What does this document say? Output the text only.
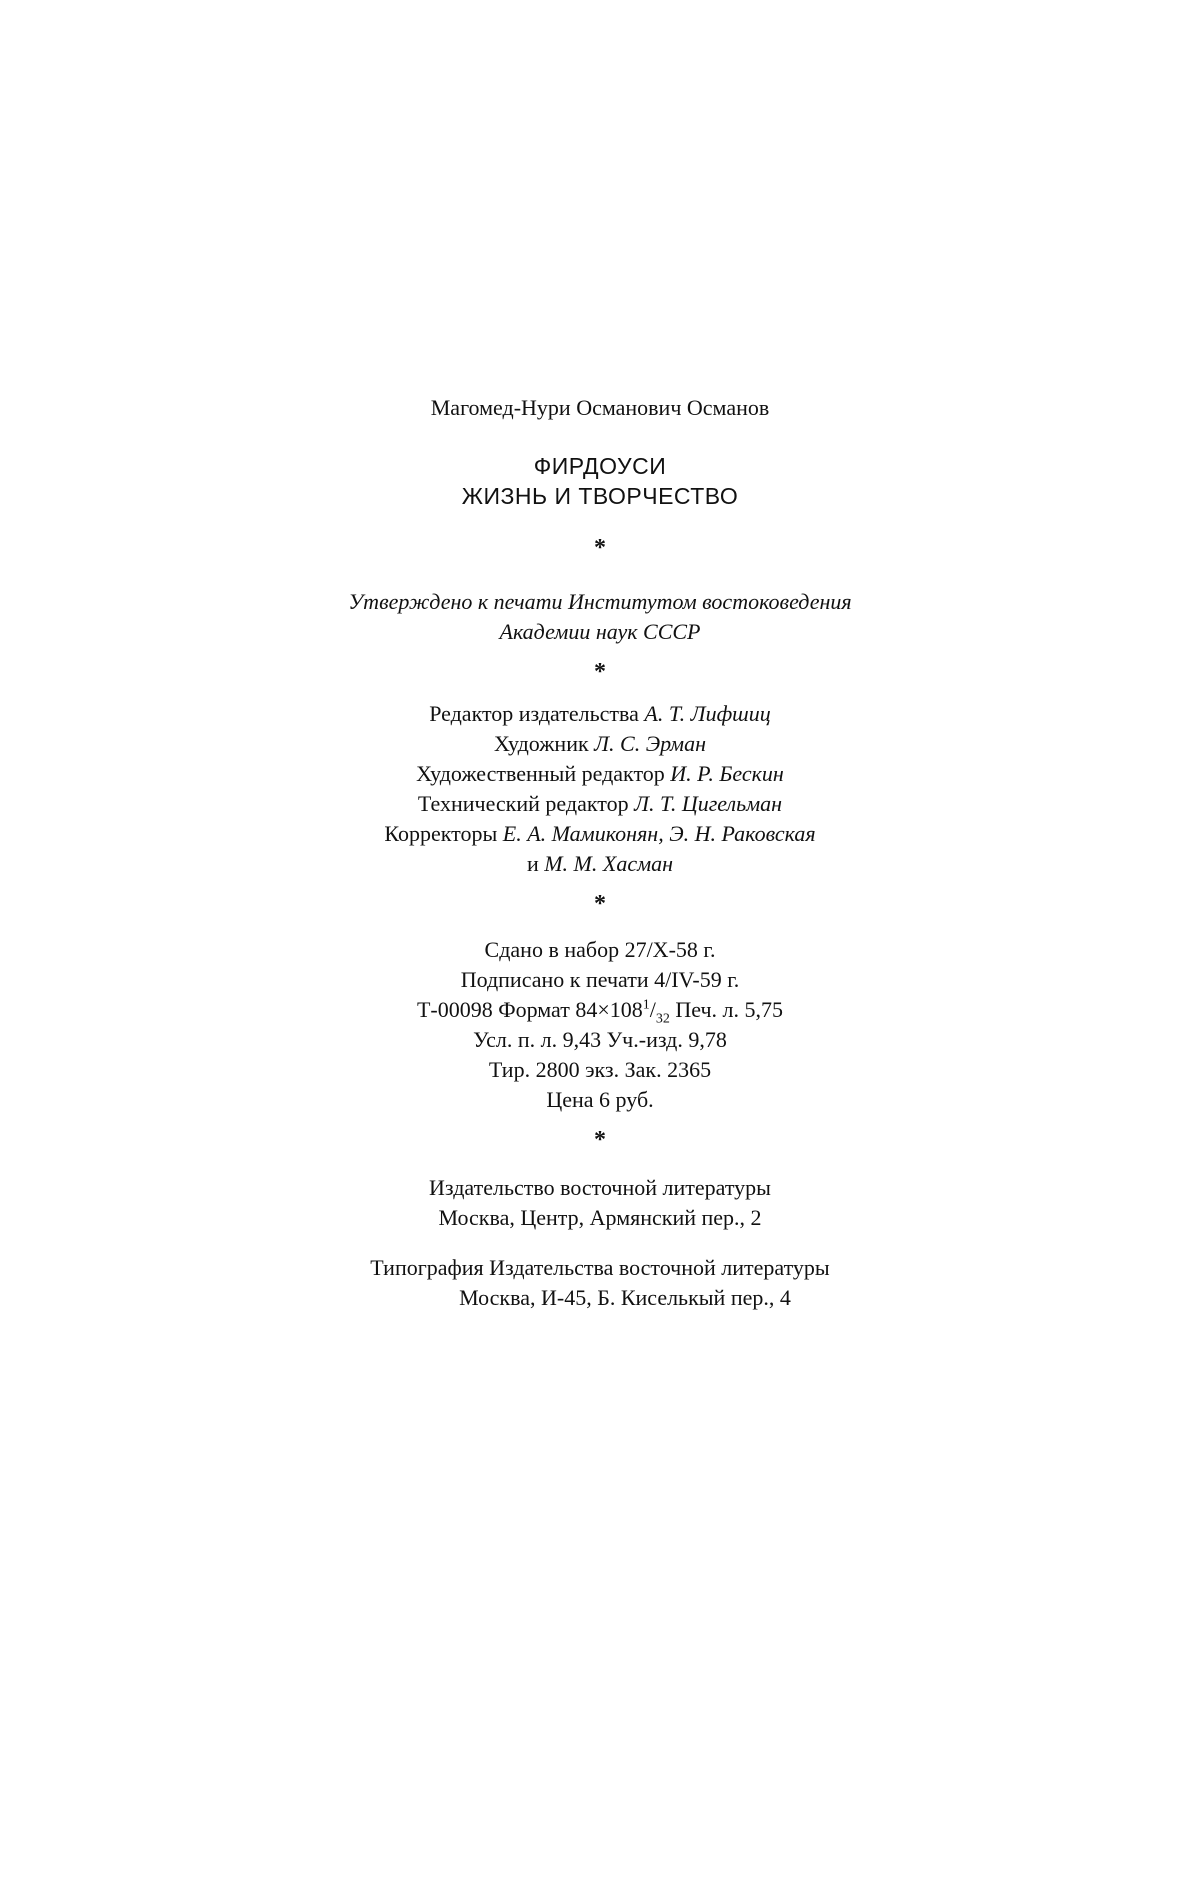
Магомед-Нури Османович Османов
ФИРДОУСИ
ЖИЗНЬ И ТВОРЧЕСТВО
*
Утверждено к печати Институтом востоковедения
Академии наук СССР
*
Редактор издательства А. Т. Лифшиц
Художник Л. С. Эрман
Художественный редактор И. Р. Бескин
Технический редактор Л. Т. Цигельман
Корректоры Е. А. Мамиконян, Э. Н. Раковская
и М. М. Хасман
*
Сдано в набор 27/X-58 г.
Подписано к печати 4/IV-59 г.
Т-00098 Формат $84\times 108^1/_{32}$ Печ. л. 5,75
Усл. п. л. 9,43 Уч.-изд. 9,78
Тир. 2800 экз. Зак. 2365
Цена 6 руб.
*
Издательство восточной литературы
Москва, Центр, Армянский пер., 2
Типография Издательства восточной литературы
Москва, И-45, Б. Киселькый пер., 4
